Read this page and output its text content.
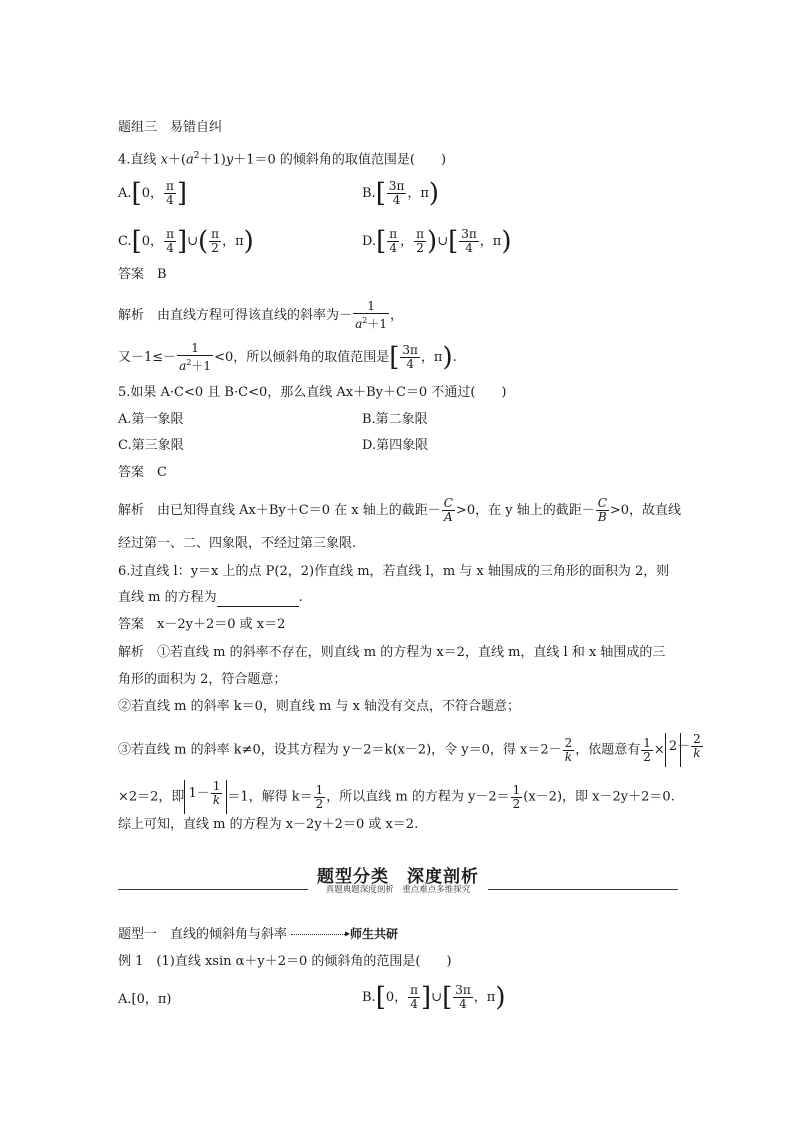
题组三　易错自纠
4.直线 $x+(a^2+1)y+1=0$ 的倾斜角的取值范围是(　　)
A.[0， $\frac{\pi}{4}$ ]	$B.[ \frac{3\pi}{4}$ ，π)
C.[0， $\frac{\pi}{4}$ ]∪( $\frac{\pi}{2}$ ，π)	$D.[ \frac{\pi}{4}$ ， $\frac{\pi}{2}$ )∪[ $\frac{3\pi}{4}$ ，π)
答案　 B
解析　 由直线方程可得该直线的斜率为－ $\frac{1}{a^2+1}$ ，
又$-1\le- \frac{1}{a^2+1} <0$，所以倾斜角的取值范围是[ $\frac{3\pi}{4}$ ，π).
5.如果 A·C<0 且 B·C<0，那么直线 Ax＋By＋C＝0 不通过(　　)
A.第一象限	B.第二象限
C.第三象限	D.第四象限
答案　 C
解析　 由已知得直线 Ax＋By＋C＝0 在 x 轴上的截距－ $\frac{C}{A} >0$，在 y 轴上的截距－ $\frac{C}{B} >0$，故直线
经过第一、二、四象限，不经过第三象限.
6.过直线 l：y＝x 上的点 P(2，2)作直线 m，若直线 l，m 与 x 轴围成的三角形的面积为 2，则
直线 m 的方程为	.
答案　 x－2y＋2＝0 或 x＝2
解析　 ①若直线 m 的斜率不存在，则直线 m 的方程为 x＝2，直线 m，直线 l 和 x 轴围成的三
角形的面积为 2，符合题意；
②若直线 m 的斜率 k＝0，则直线 m 与 x 轴没有交点，不符合题意；
③若直线 m 的斜率 k≠0，设其方程为 y－2＝k(x－2)，令 y＝0，得 $x=2- \frac{2}{k}$ ，依题意有 $\frac{1}{2} \times 2- \frac{2}{k}$
×2＝2，即 $1- \frac{1}{k} =1$，解得 $k= \frac{1}{2}$ ，所以直线 m 的方程为 $y-2= \frac{1}{2} (x-2)$，即 x－2y＋2＝0.
综上可知，直线 m 的方程为 x－2y＋2＝0 或 x＝2.
题型分类　深度剖析
真题典题深度剖析　重点难点多维探究
题型一　直线的倾斜角与斜率	▸师生共研
例 1　(1)直线 xsin α＋y＋2＝0 的倾斜角的范围是(　　)
A.[0，π)	B.[0， $\frac{\pi}{4}$ ]∪[ $\frac{3\pi}{4}$ ，π)
